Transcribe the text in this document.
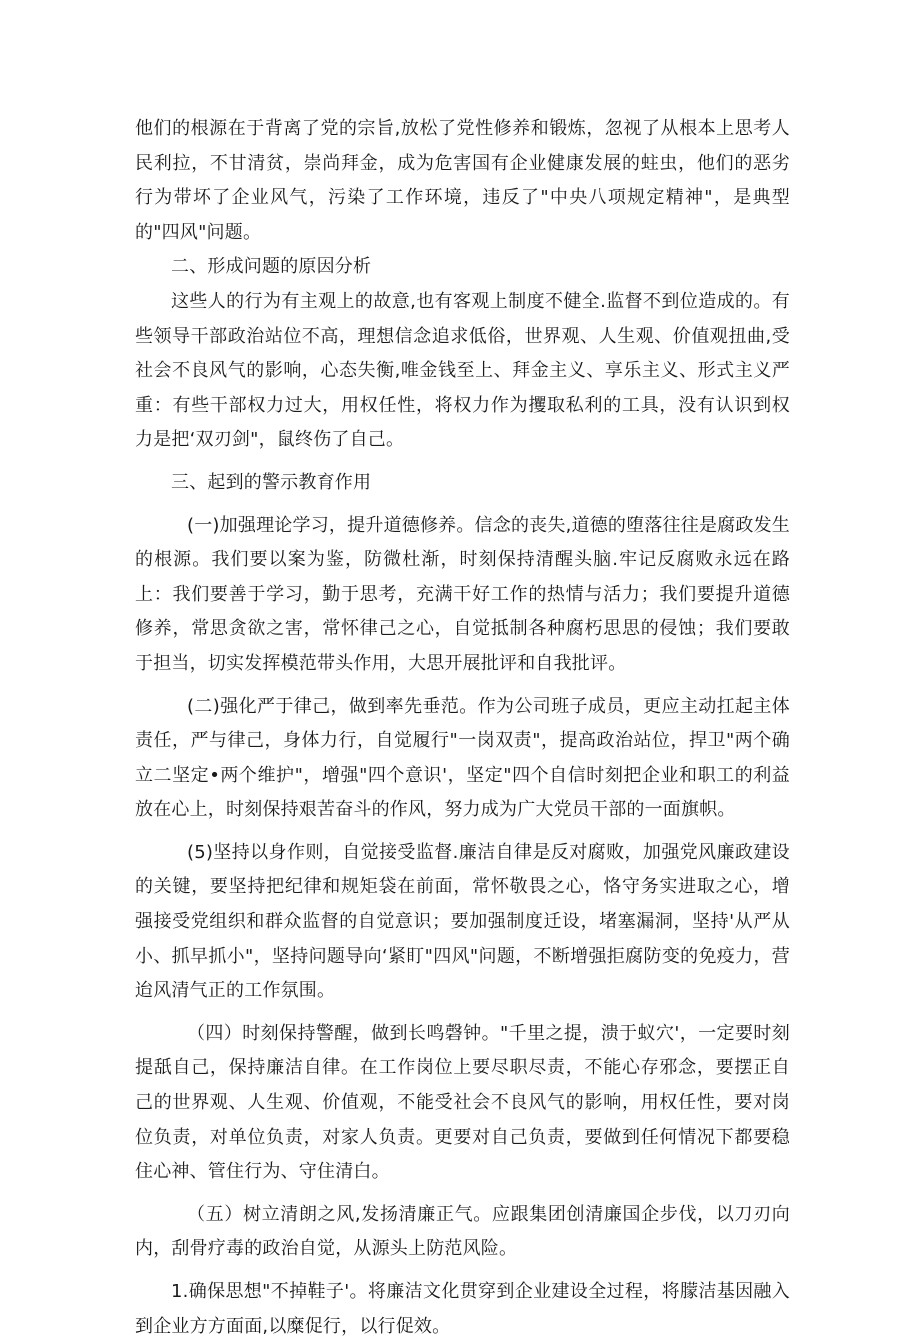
他们的根源在于背离了党的宗旨,放松了党性修养和锻炼，忽视了从根本上思考人民利拉，不甘清贫，崇尚拜金，成为危害国有企业健康发展的蛀虫，他们的恶劣行为带坏了企业风气，污染了工作环境，违反了"中央八项规定精神"，是典型的"四风"问题。

二、形成问题的原因分析

这些人的行为有主观上的故意,也有客观上制度不健全.监督不到位造成的。有些领导干部政治站位不高，理想信念追求低俗，世界观、人生观、价值观扭曲,受社会不良风气的影响，心态失衡,唯金钱至上、拜金主义、享乐主义、形式主义严重：有些干部权力过大，用权任性，将权力作为攫取私利的工具，没有认识到权力是把‘双刃剑"，鼠终伤了自己。

三、起到的警示教育作用

(一)加强理论学习，提升道德修养。信念的丧失,道德的堕落往往是腐政发生的根源。我们要以案为鉴，防微杜渐，时刻保持清醒头脑.牢记反腐败永远在路上：我们要善于学习，勤于思考，充满干好工作的热情与活力；我们要提升道德修养，常思贪欲之害，常怀律己之心，自觉抵制各种腐朽思思的侵蚀；我们要敢于担当，切实发挥模范带头作用，大思开展批评和自我批评。

(二)强化严于律己，做到率先垂范。作为公司班子成员，更应主动扛起主体责任，严与律己，身体力行，自觉履行"一岗双责"，提高政治站位，捍卫"两个确立二坚定•两个维护"，增强"四个意识'，坚定"四个自信时刻把企业和职工的利益放在心上，时刻保持艰苦奋斗的作风，努力成为广大党员干部的一面旗帜。

(5)坚持以身作则，自觉接受监督.廉洁自律是反对腐败，加强党风廉政建设的关键，要坚持把纪律和规矩袋在前面，常怀敬畏之心，恪守务实进取之心，增强接受党组织和群众监督的自觉意识；要加强制度迁设，堵塞漏洞，坚持'从严从小、抓早抓小"，坚持问题导向‘紧盯"四风"问题，不断增强拒腐防变的免疫力，营迨风清气正的工作氛围。

（四）时刻保持警醒，做到长鸣磬钟。"千里之提，溃于蚁穴'，一定要时刻提舐自己，保持廉洁自律。在工作岗位上要尽职尽责，不能心存邪念，要摆正自己的世界观、人生观、价值观，不能受社会不良风气的影响，用权任性，要对岗位负责，对单位负责，对家人负责。更要对自己负责，要做到任何情况下都要稳住心神、管住行为、守住清白。

（五）树立清朗之风,发扬清廉正气。应跟集团创清廉国企步伐，以刀刃向内，刮骨疗毒的政治自觉，从源头上防范风险。

1.确保思想"不掉鞋子'。将廉洁文化贯穿到企业建设全过程，将朦洁基因融入到企业方方面面,以糜促行，以行促效。
